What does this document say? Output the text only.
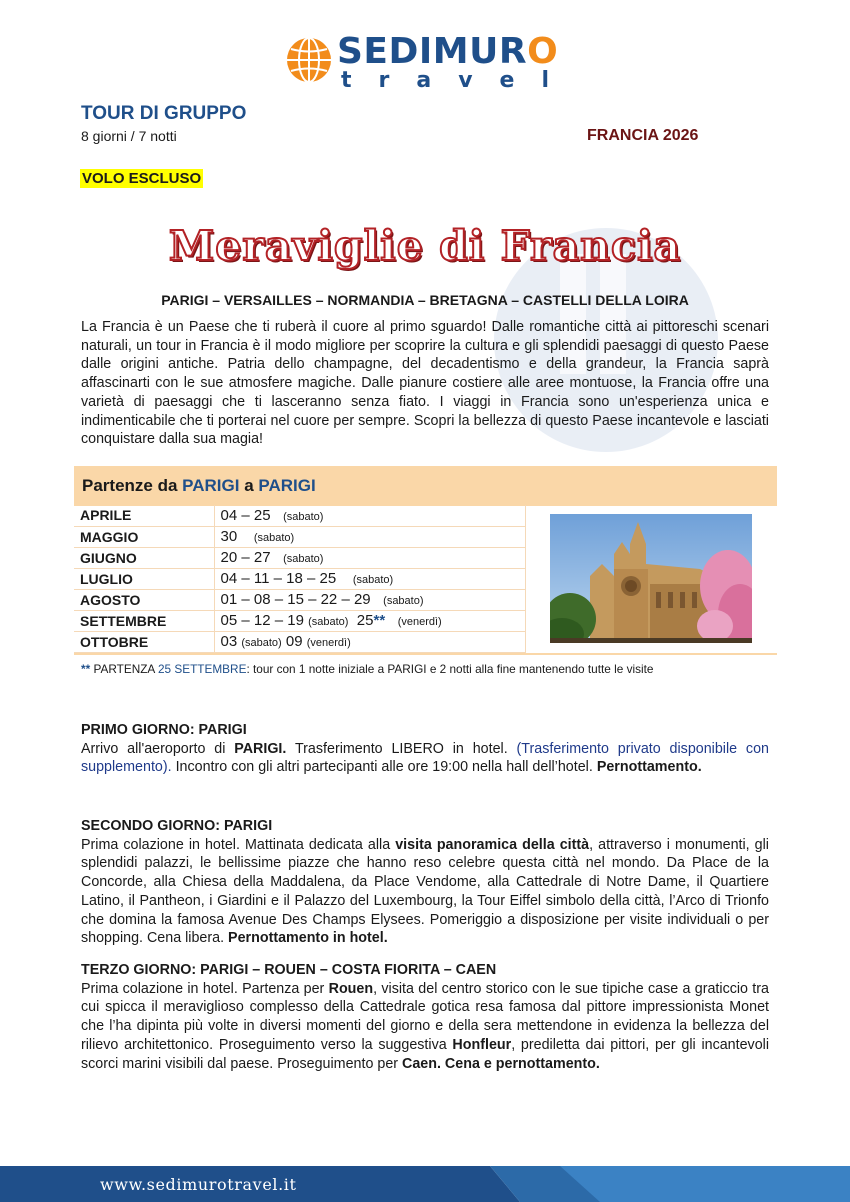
SEDIMURO
travel
TOUR DI GRUPPO
8 giorni / 7 notti	FRANCIA 2026
VOLO ESCLUSO
Meraviglie di Francia
PARIGI – VERSAILLES – NORMANDIA – BRETAGNA – CASTELLI DELLA LOIRA

La Francia è un Paese che ti ruberà il cuore al primo sguardo! Dalle romantiche città ai pittoreschi scenari naturali, un tour in Francia è il modo migliore per scoprire la cultura e gli splendidi paesaggi di questo Paese dalle origini antiche. Patria dello champagne, del decadentismo e della grandeur, la Francia saprà affascinarti con le sue atmosfere magiche. Dalle pianure costiere alle aree montuose, la Francia offre una varietà di paesaggi che ti lasceranno senza fiato. I viaggi in Francia sono un'esperienza unica e indimenticabile che ti porterai nel cuore per sempre. Scopri la bellezza di questo Paese incantevole e lasciati conquistare dalla sua magia!

Partenze da PARIGI a PARIGI
APRILE	04 – 25 (sabato)
MAGGIO	30 (sabato)
GIUGNO	20 – 27 (sabato)
LUGLIO	04 – 11 – 18 – 25 (sabato)
AGOSTO	01 – 08 – 15 – 22 – 29 (sabato)
SETTEMBRE	05 – 12 – 19 (sabato) 25** (venerdì)
OTTOBRE	03 (sabato) 09 (venerdì)
** PARTENZA 25 SETTEMBRE: tour con 1 notte iniziale a PARIGI e 2 notti alla fine mantenendo tutte le visite
PRIMO GIORNO: PARIGI
Arrivo all'aeroporto di PARIGI. Trasferimento LIBERO in hotel. (Trasferimento privato disponibile con supplemento). Incontro con gli altri partecipanti alle ore 19:00 nella hall dell’hotel. Pernottamento.
SECONDO GIORNO: PARIGI
Prima colazione in hotel. Mattinata dedicata alla visita panoramica della città, attraverso i monumenti, gli splendidi palazzi, le bellissime piazze che hanno reso celebre questa città nel mondo. Da Place de la Concorde, alla Chiesa della Maddalena, da Place Vendome, alla Cattedrale di Notre Dame, il Quartiere Latino, il Pantheon, i Giardini e il Palazzo del Luxembourg, la Tour Eiffel simbolo della città, l’Arco di Trionfo che domina la famosa Avenue Des Champs Elysees. Pomeriggio a disposizione per visite individuali o per shopping. Cena libera. Pernottamento in hotel.
TERZO GIORNO: PARIGI – ROUEN – COSTA FIORITA – CAEN
Prima colazione in hotel. Partenza per Rouen, visita del centro storico con le sue tipiche case a graticcio tra cui spicca il meraviglioso complesso della Cattedrale gotica resa famosa dal pittore impressionista Monet che l’ha dipinta più volte in diversi momenti del giorno e della sera mettendone in evidenza la bellezza del rilievo architettonico. Proseguimento verso la suggestiva Honfleur, prediletta dai pittori, per gli incantevoli scorci marini visibili dal paese. Proseguimento per Caen. Cena e pernottamento.
www.sedimurotravel.it
